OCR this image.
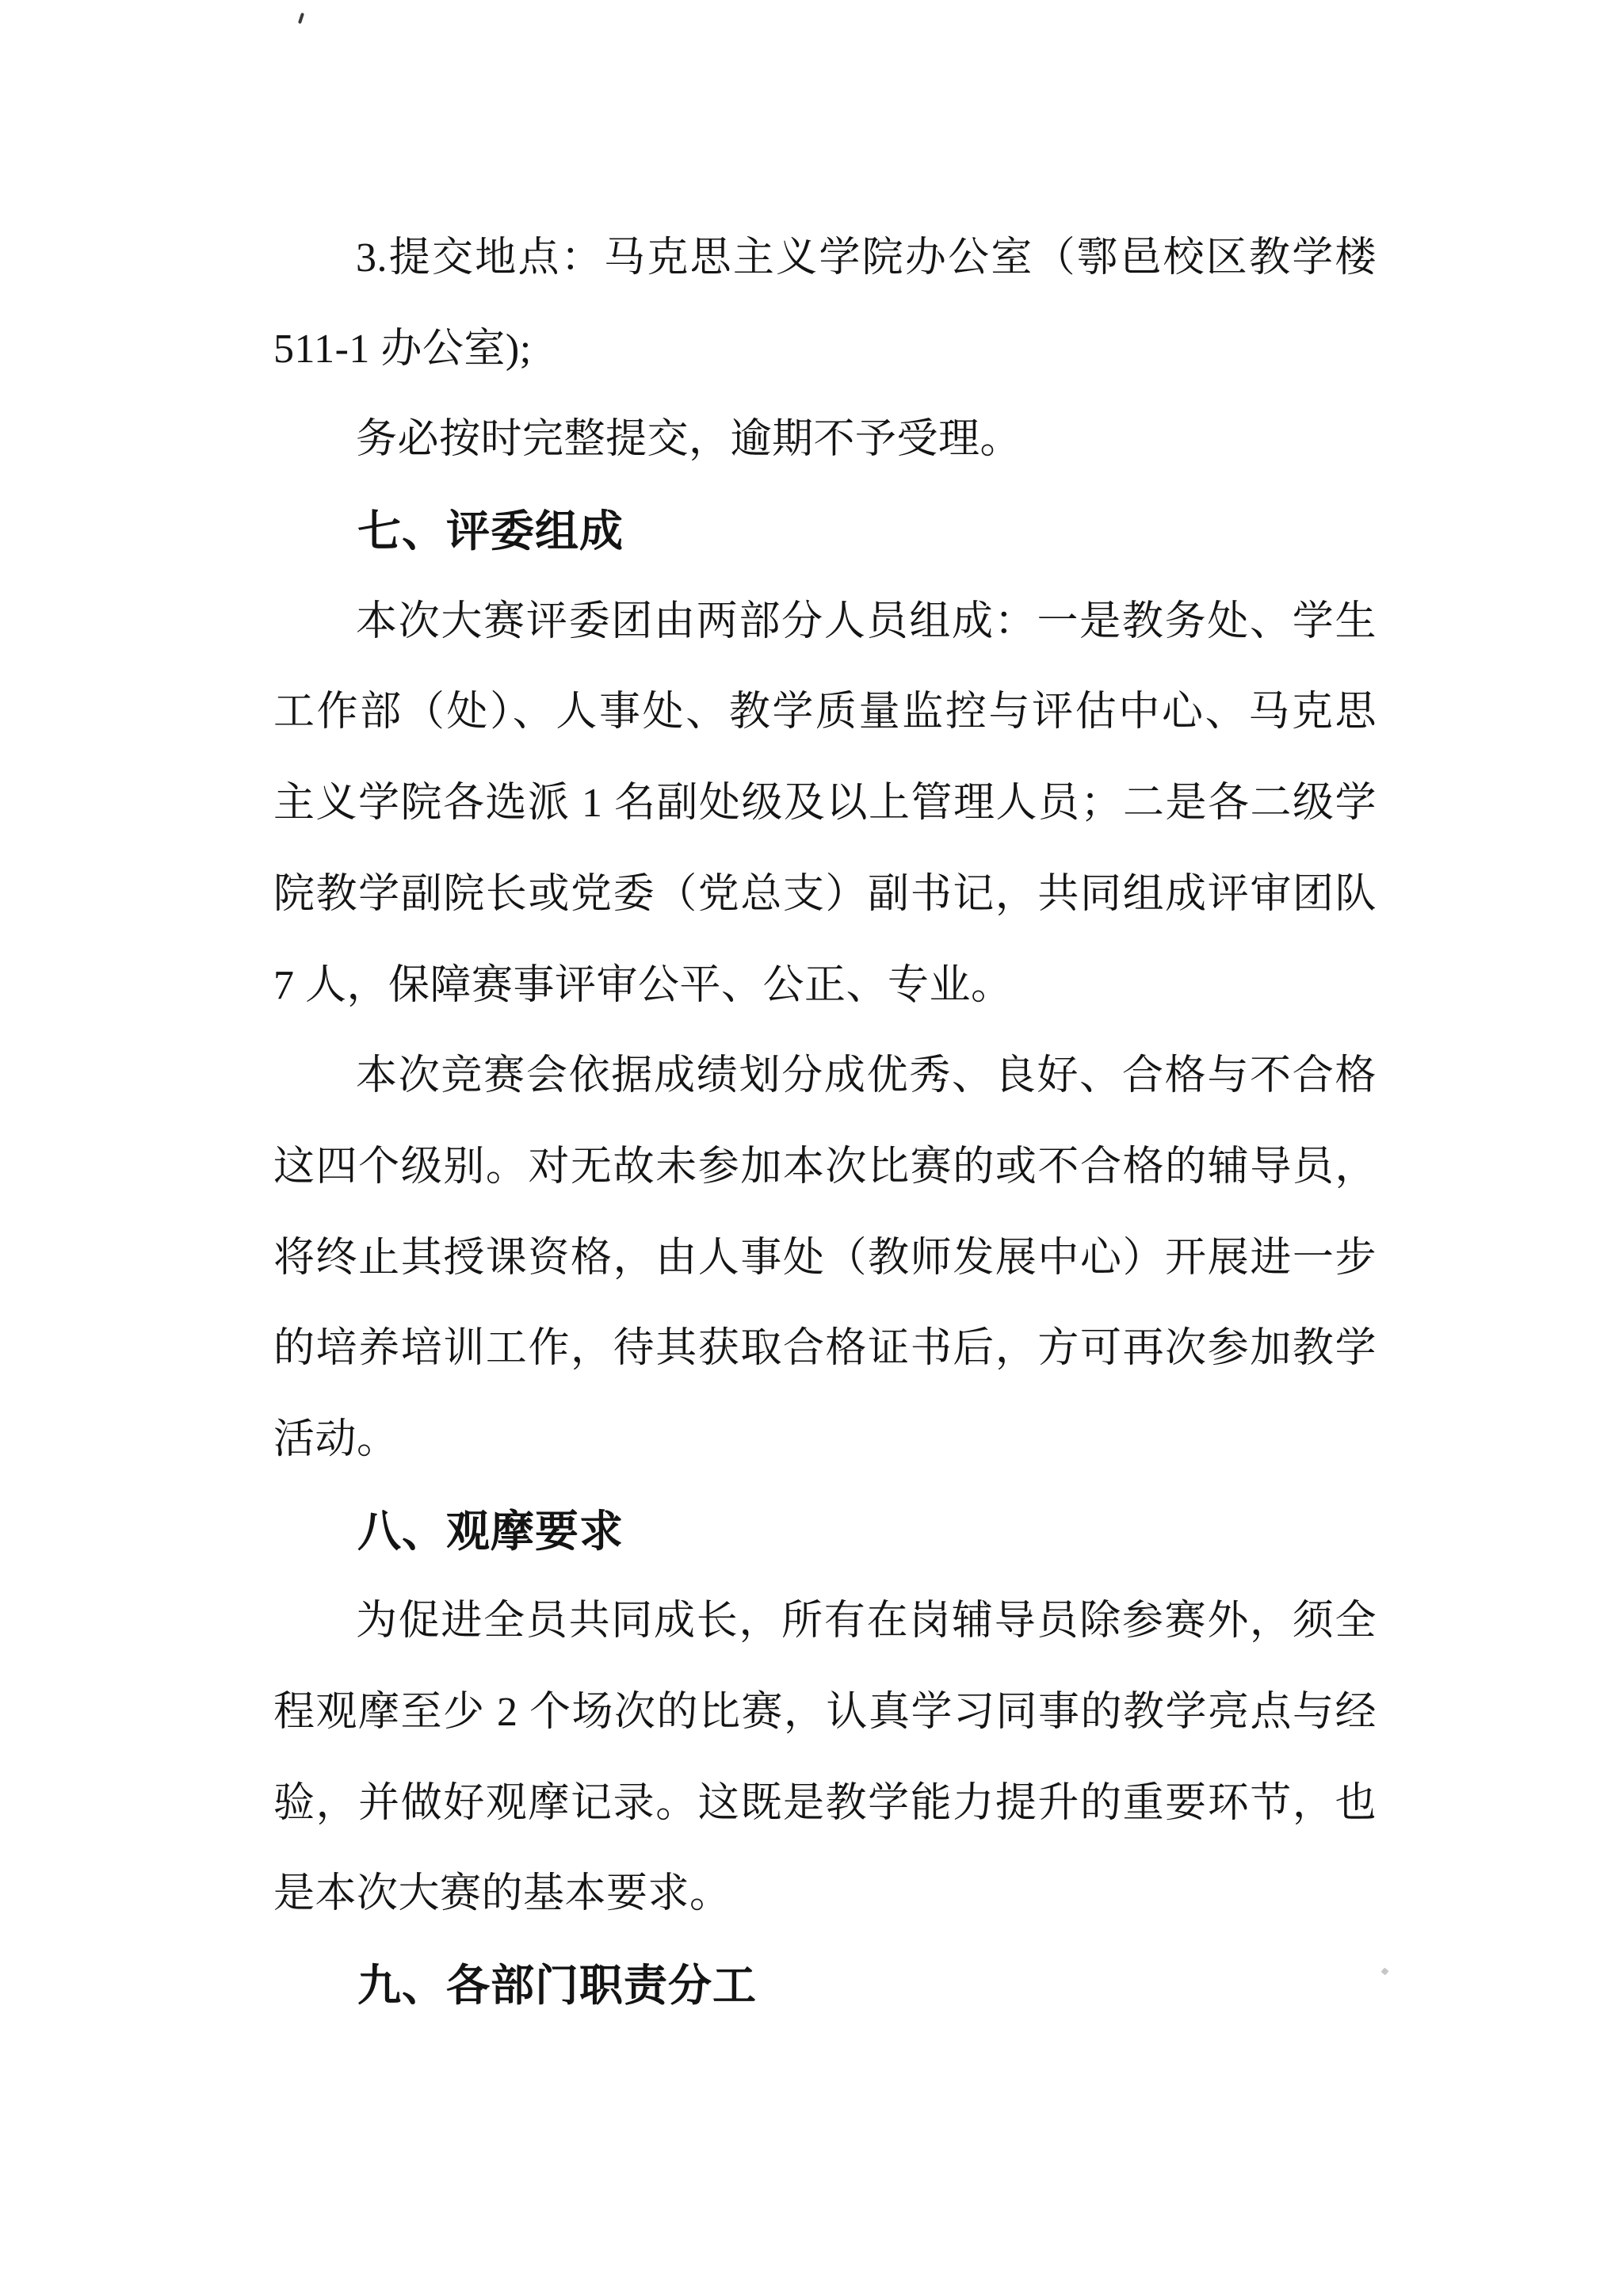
3.提交地点：马克思主义学院办公室（鄠邑校区教学楼
511-1 办公室);
务必按时完整提交，逾期不予受理。
七、评委组成
本次大赛评委团由两部分人员组成：一是教务处、学生
工作部（处）、人事处、教学质量监控与评估中心、马克思
主义学院各选派 1 名副处级及以上管理人员；二是各二级学
院教学副院长或党委（党总支）副书记，共同组成评审团队
7 人，保障赛事评审公平、公正、专业。
本次竞赛会依据成绩划分成优秀、良好、合格与不合格
这四个级别。对无故未参加本次比赛的或不合格的辅导员，
将终止其授课资格，由人事处（教师发展中心）开展进一步
的培养培训工作，待其获取合格证书后，方可再次参加教学
活动。
八、观摩要求
为促进全员共同成长，所有在岗辅导员除参赛外，须全
程观摩至少 2 个场次的比赛，认真学习同事的教学亮点与经
验，并做好观摩记录。这既是教学能力提升的重要环节，也
是本次大赛的基本要求。
九、各部门职责分工
